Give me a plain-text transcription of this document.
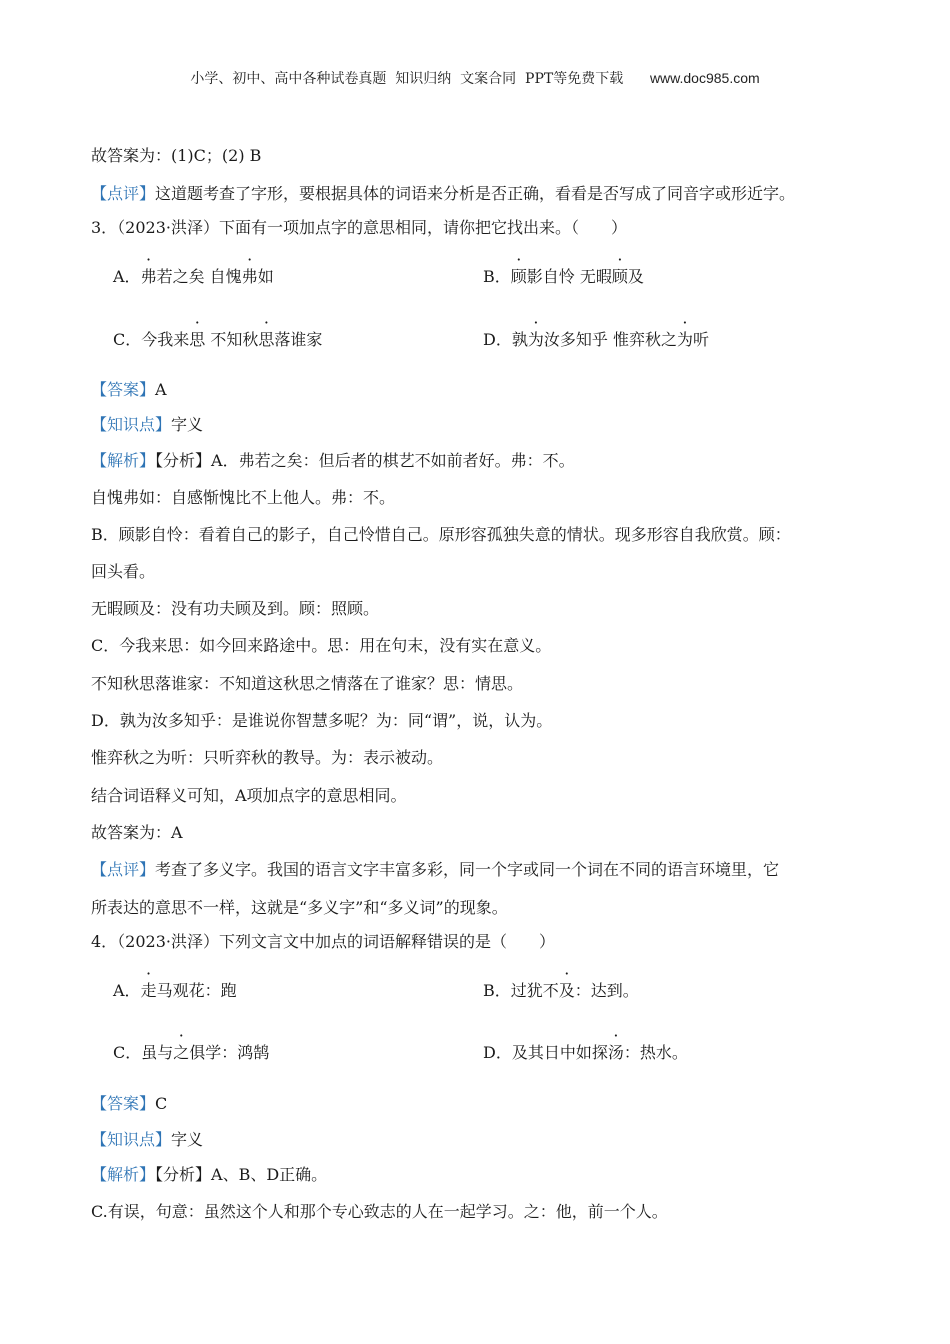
小学、初中、高中各种试卷真题  知识归纳  文案合同  PPT等免费下载 www.doc985.com
故答案为：(1)C；(2) B
【点评】这道题考查了字形，要根据具体的词语来分析是否正确，看看是否写成了同音字或形近字。
3．（2023·洪泽）下面有一项加点字的意思相同，请你把它找出来。（　　）
A．弗若之矣 自愧弗如	B．顾影自怜 无暇顾及
C．今我来思 不知秋思落谁家	D．孰为汝多知乎 惟弈秋之为听
【答案】A
【知识点】字义
【解析】【分析】A．弗若之矣：但后者的棋艺不如前者好。弗：不。
自愧弗如：自感惭愧比不上他人。弗：不。
B．顾影自怜：看着自己的影子，自己怜惜自己。原形容孤独失意的情状。现多形容自我欣赏。顾：
回头看。
无暇顾及：没有功夫顾及到。顾：照顾。
C．今我来思：如今回来路途中。思：用在句末，没有实在意义。
不知秋思落谁家：不知道这秋思之情落在了谁家？思：情思。
D．孰为汝多知乎：是谁说你智慧多呢？为：同“谓”，说，认为。
惟弈秋之为听：只听弈秋的教导。为：表示被动。
结合词语释义可知，A项加点字的意思相同。
故答案为：A
【点评】考查了多义字。我国的语言文字丰富多彩，同一个字或同一个词在不同的语言环境里，它
所表达的意思不一样，这就是“多义字”和“多义词”的现象。
4．（2023·洪泽）下列文言文中加点的词语解释错误的是（　　）
A．走马观花：跑	B．过犹不及：达到。
C．虽与之俱学：鸿鹄	D．及其日中如探汤：热水。
【答案】C
【知识点】字义
【解析】【分析】A、B、D正确。
C.有误，句意：虽然这个人和那个专心致志的人在一起学习。之：他，前一个人。
